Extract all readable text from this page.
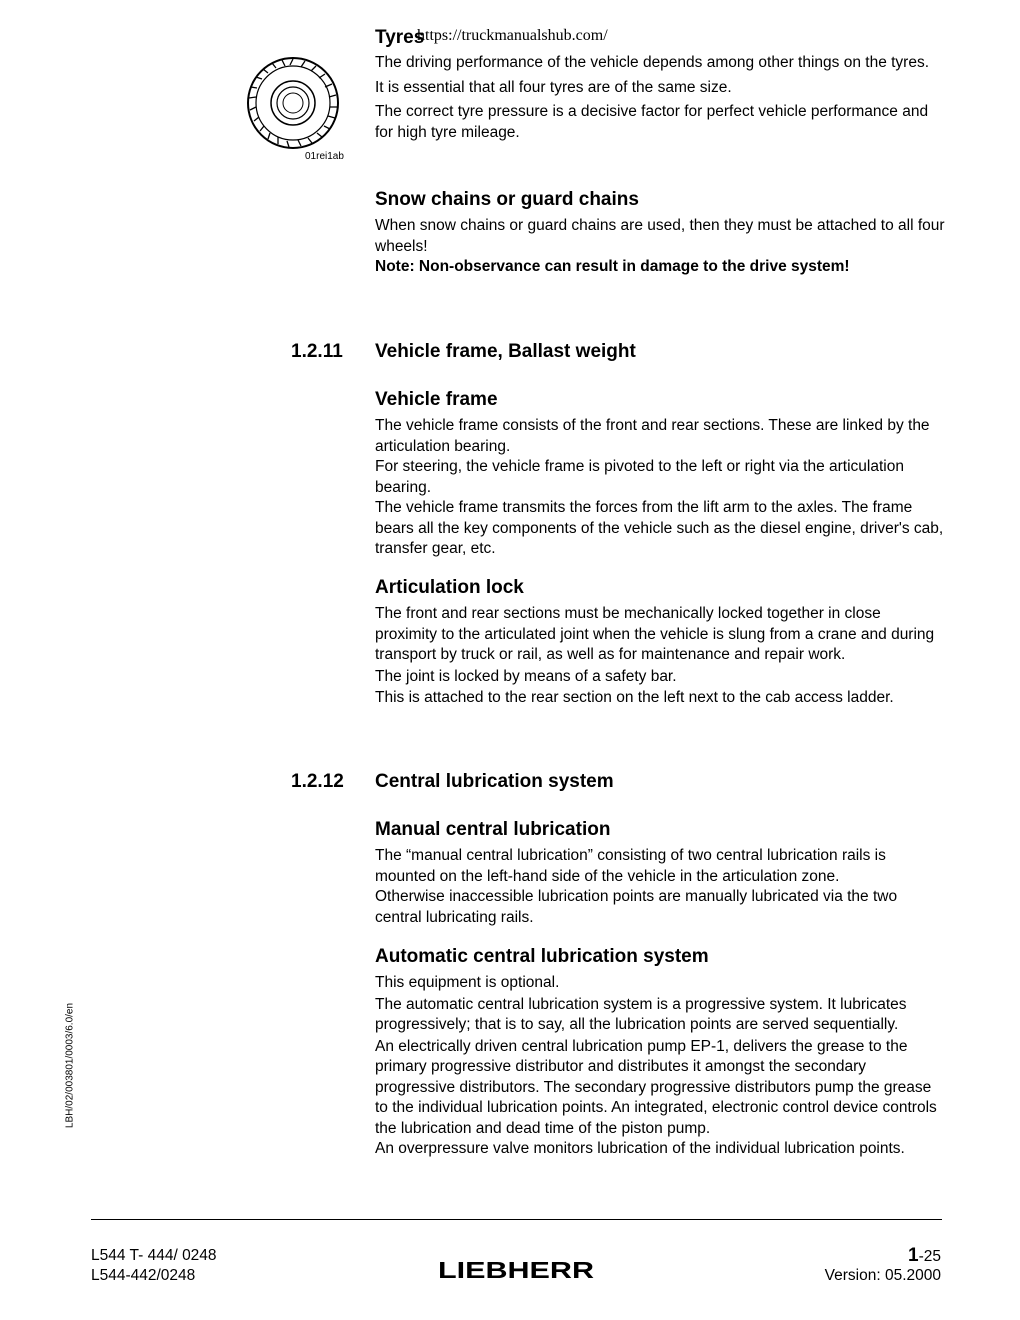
01rei1ab
Tyres

The driving performance of the vehicle depends among other things on the tyres.

It is essential that all four tyres are of the same size.

The correct tyre pressure is a decisive factor for perfect vehicle performance and for high tyre mileage.

https://truckmanualshub.com/
Snow chains or guard chains

When snow chains or guard chains are used, then they must be attached to all four wheels!

Note: Non-observance can result in damage to the drive system!

1.2.11 Vehicle frame, Ballast weight
Vehicle frame

The vehicle frame consists of the front and rear sections. These are linked by the articulation bearing.

For steering, the vehicle frame is pivoted to the left or right via the articulation bearing.

The vehicle frame transmits the forces from the lift arm to the axles. The frame bears all the key components of the vehicle such as the diesel engine, driver's cab, transfer gear, etc.

Articulation lock

The front and rear sections must be mechanically locked together in close proximity to the articulated joint when the vehicle is slung from a crane and during transport by truck or rail, as well as for maintenance and repair work.

The joint is locked by means of a safety bar.

This is attached to the rear section on the left next to the cab access ladder.

1.2.12 Central lubrication system
Manual central lubrication

The “manual central lubrication” consisting of two central lubrication rails is mounted on the left-hand side of the vehicle in the articulation zone.

Otherwise inaccessible lubrication points are manually lubricated via the two central lubricating rails.

Automatic central lubrication system

This equipment is optional.

The automatic central lubrication system is a progressive system. It lubricates progressively; that is to say, all the lubrication points are served sequentially.

An electrically driven central lubrication pump EP-1, delivers the grease to the primary progressive distributor and distributes it amongst the secondary progressive distributors. The secondary progressive distributors pump the grease to the individual lubrication points. An integrated, electronic control device controls the lubrication and dead time of the piston pump.

An overpressure valve monitors lubrication of the individual lubrication points.

LBH/02/003801/0003/6.0/en
L544 T- 444/ 0248
L544-442/0248	LIEBHERR
1-25
Version: 05.2000
